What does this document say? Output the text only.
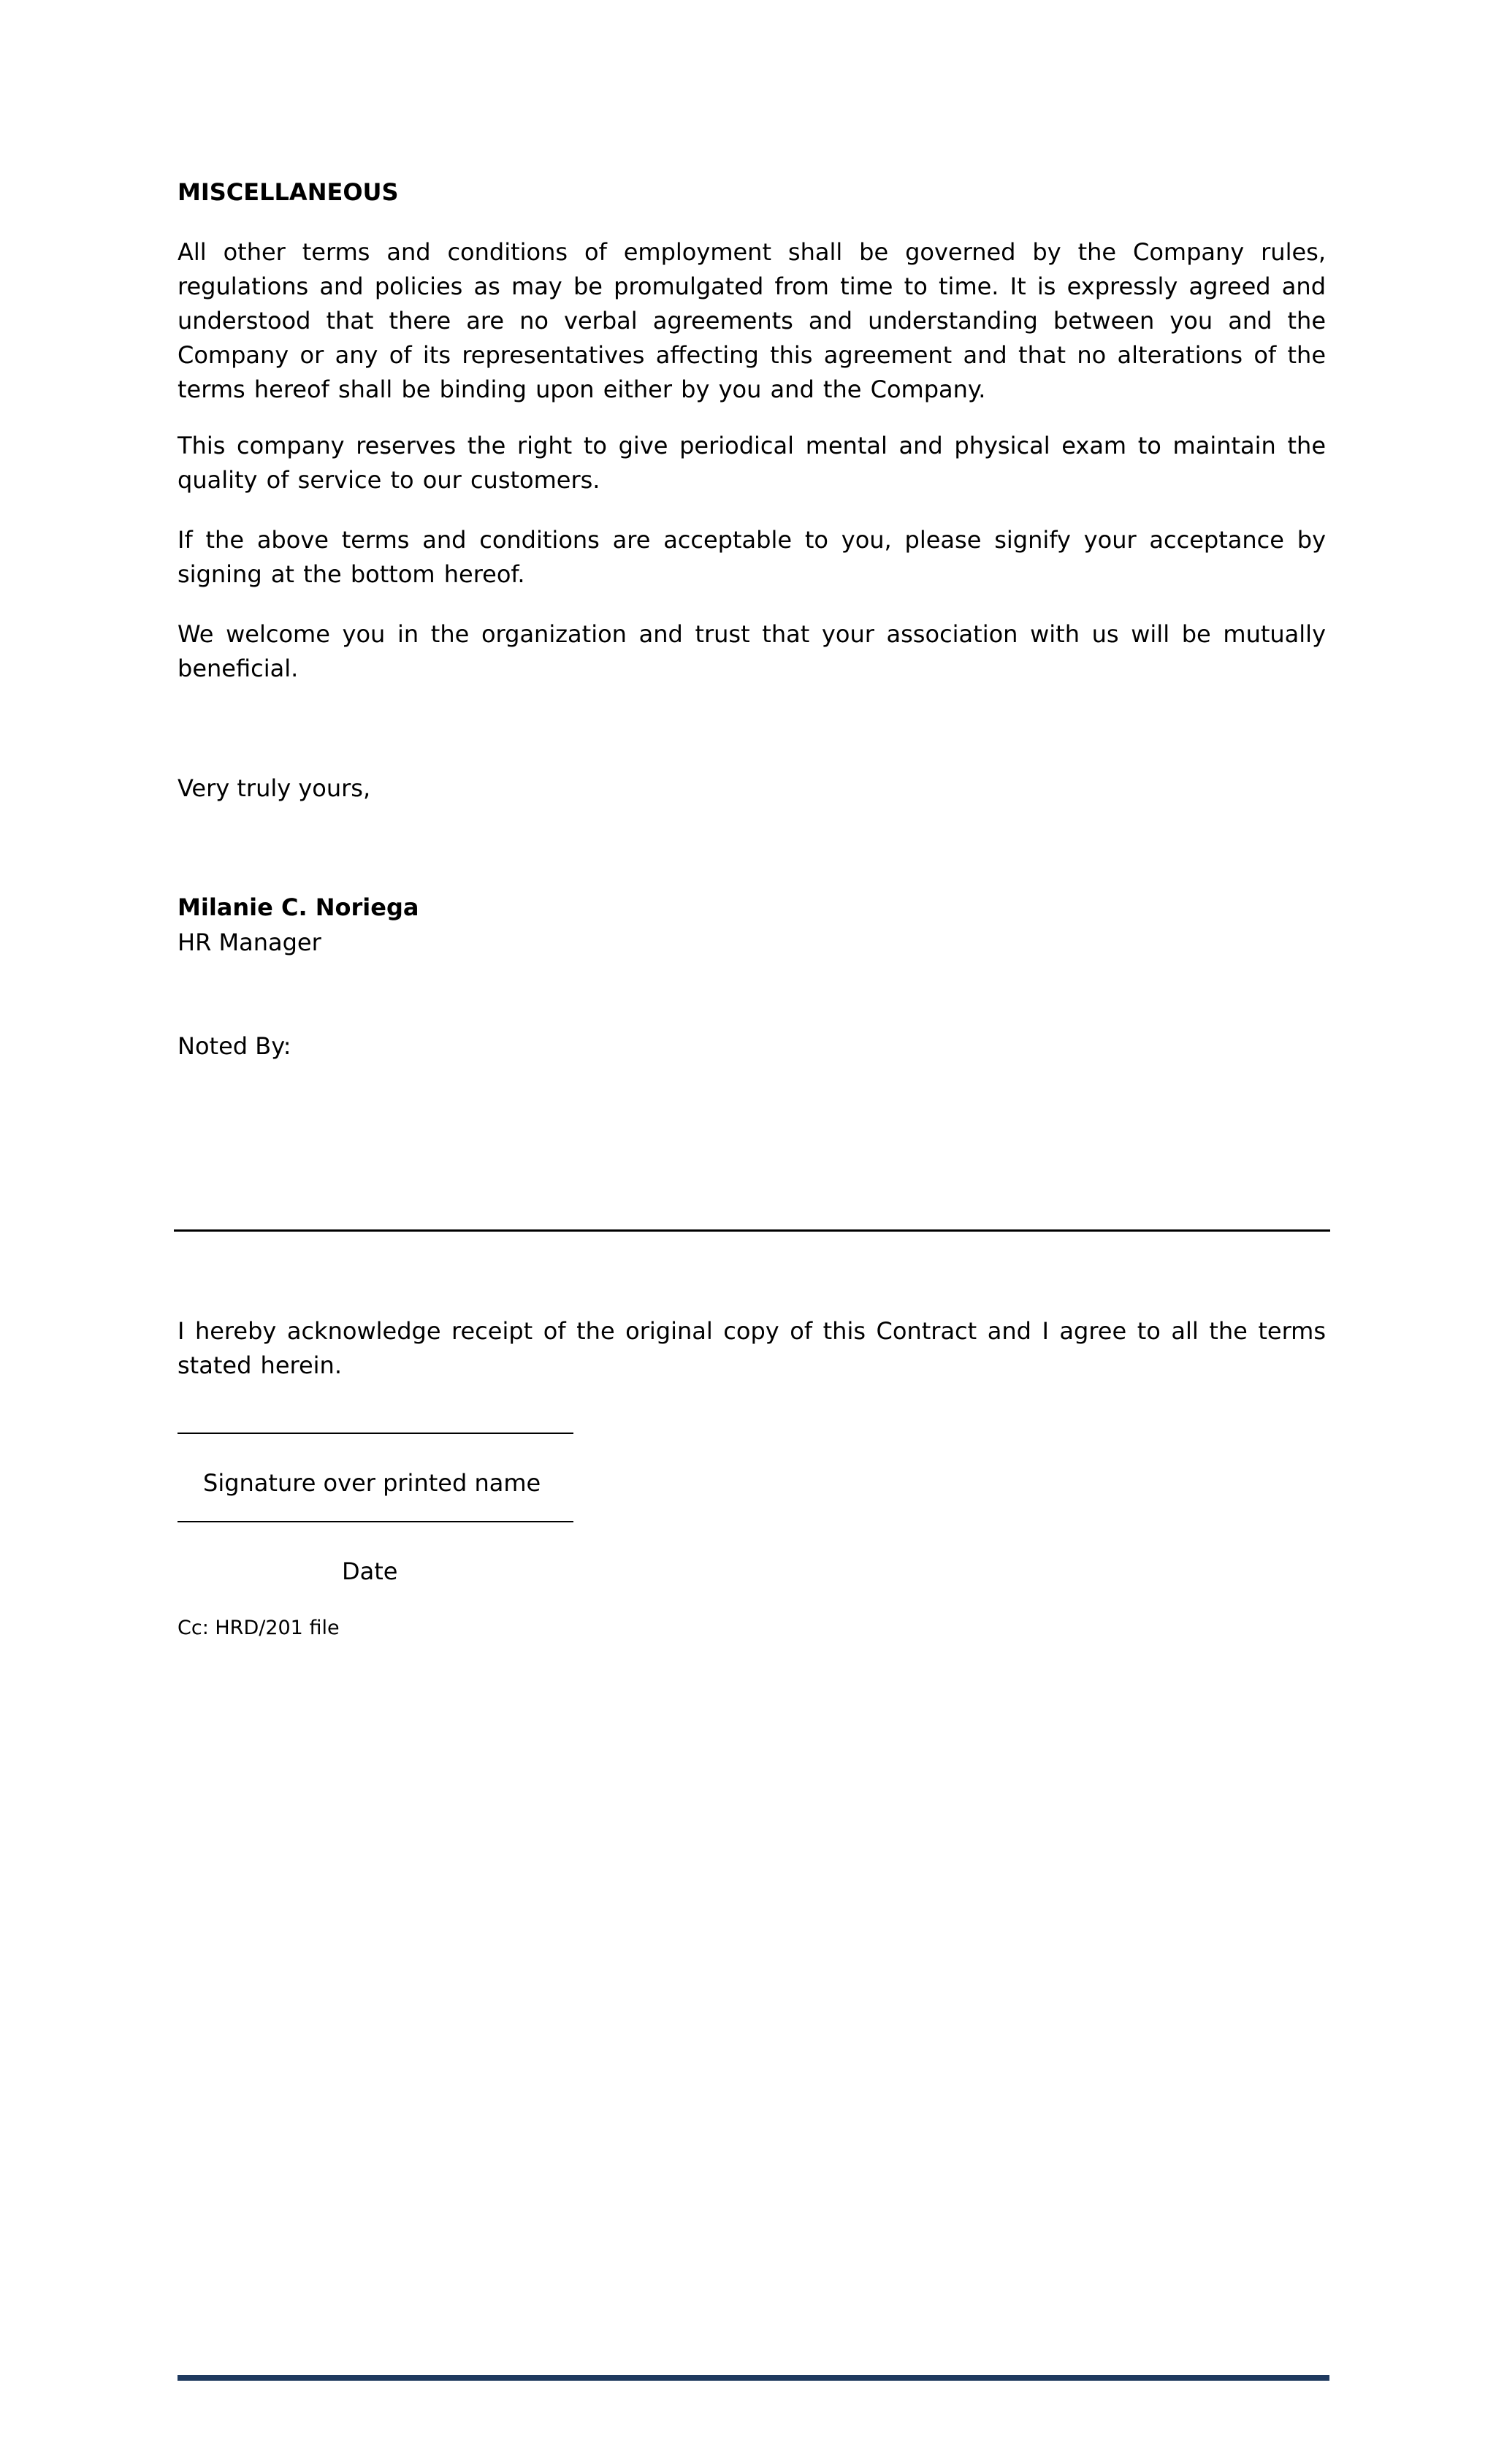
MISCELLANEOUS

All other terms and conditions of employment shall be governed by the Company rules, regulations and policies as may be promulgated from time to time. It is expressly agreed and understood that there are no verbal agreements and understanding between you and the Company or any of its representatives affecting this agreement and that no alterations of the terms hereof shall be binding upon either by you and the Company.

This company reserves the right to give periodical mental and physical exam to maintain the quality of service to our customers.

If the above terms and conditions are acceptable to you, please signify your acceptance by signing at the bottom hereof.

We welcome you in the organization and trust that your association with us will be mutually beneficial.

Very truly yours,

Milanie C. Noriega

HR Manager

Noted By:

I hereby acknowledge receipt of the original copy of this Contract and I agree to all the terms stated herein.

Signature over printed name

Date

Cc: HRD/201 file
